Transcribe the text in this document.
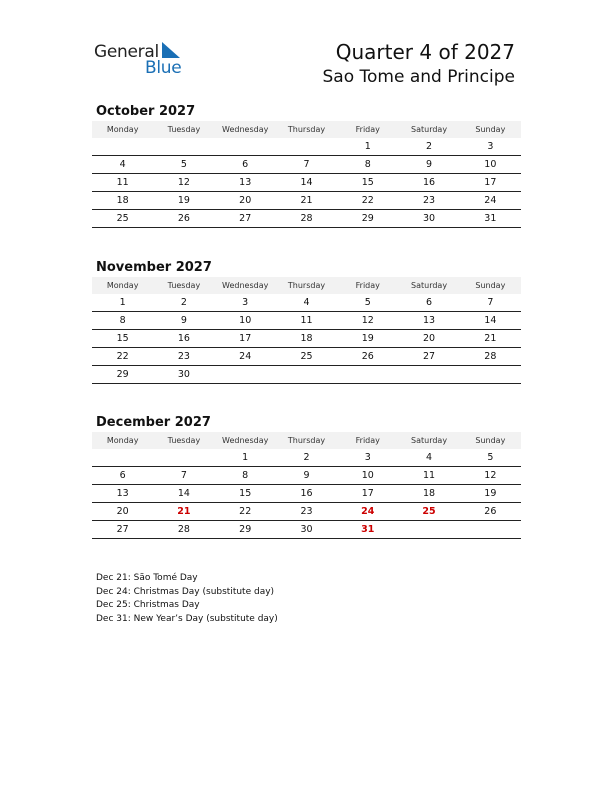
General
Blue
Quarter 4 of 2027
Sao Tome and Principe
October 2027
Monday	Tuesday	Wednesday	Thursday	Friday	Saturday	Sunday
				1	2	3
4	5	6	7	8	9	10
11	12	13	14	15	16	17
18	19	20	21	22	23	24
25	26	27	28	29	30	31
November 2027
Monday	Tuesday	Wednesday	Thursday	Friday	Saturday	Sunday
1	2	3	4	5	6	7
8	9	10	11	12	13	14
15	16	17	18	19	20	21
22	23	24	25	26	27	28
29	30					
December 2027
Monday	Tuesday	Wednesday	Thursday	Friday	Saturday	Sunday
		1	2	3	4	5
6	7	8	9	10	11	12
13	14	15	16	17	18	19
20	21	22	23	24	25	26
27	28	29	30	31		
Dec 21: São Tomé Day
Dec 24: Christmas Day (substitute day)
Dec 25: Christmas Day
Dec 31: New Year’s Day (substitute day)
